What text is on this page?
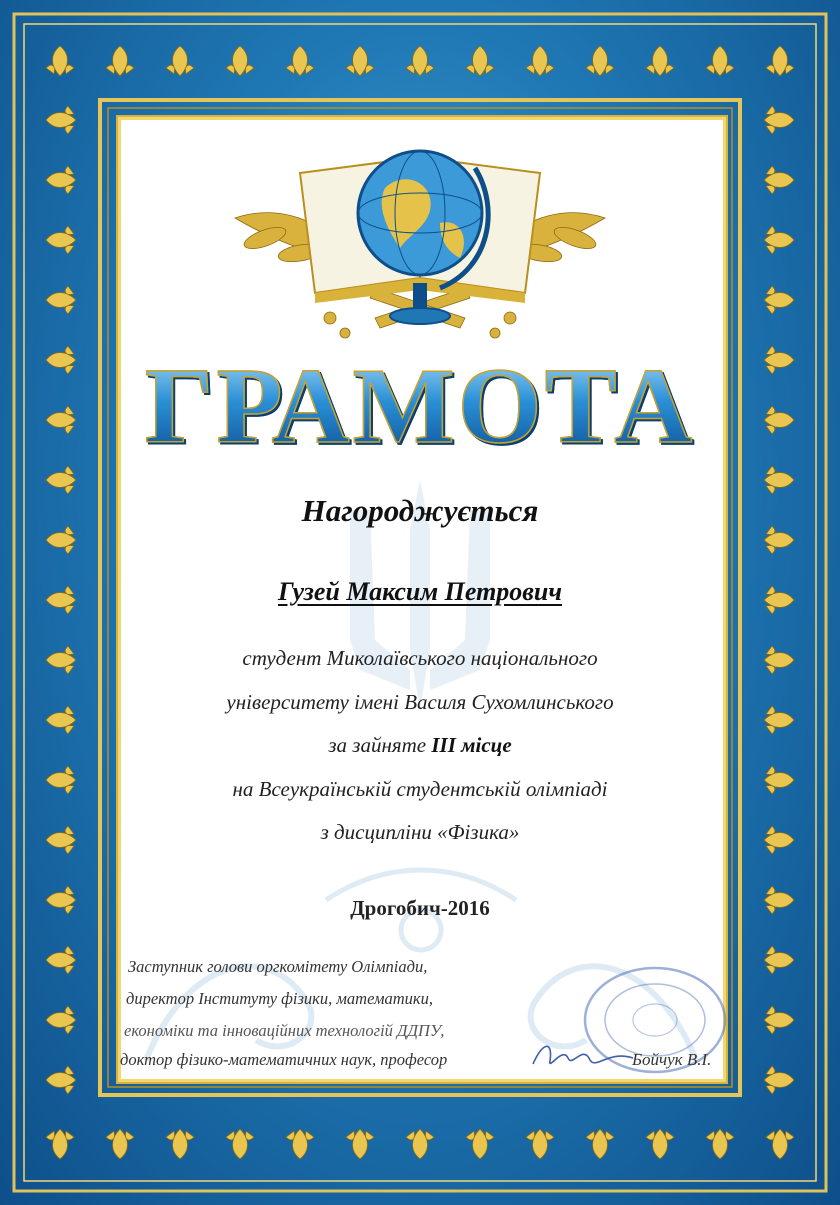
ГРАМОТА
Нагороджується
Гузей Максим Петрович
студент Миколаївського національного
університету імені Василя Сухомлинського
за зайняте ІІІ місце
на Всеукраїнській студентській олімпіаді
з дисципліни «Фізика»
Дрогобич-2016
Заступник голови оргкомітету Олімпіади,
директор Інституту фізики, математики,
економіки та інноваційних технологій ДДПУ,
доктор фізико-математичних наук, професор	Бойчук В.І.
